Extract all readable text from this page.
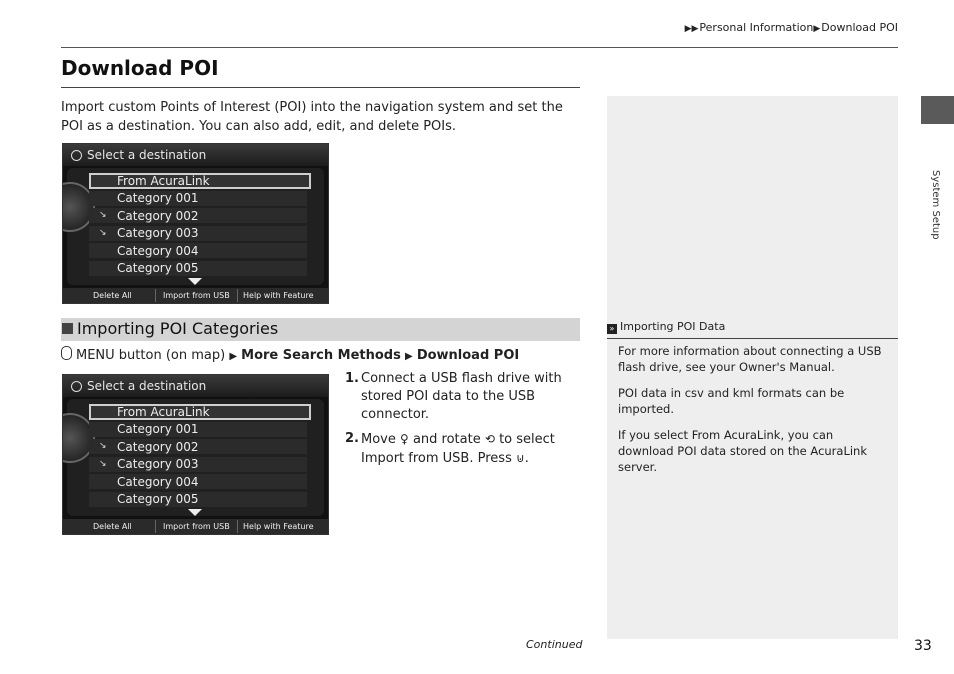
▶▶Personal Information▶Download POI
Download POI
Import custom Points of Interest (POI) into the navigation system and set the POI as a destination. You can also add, edit, and delete POIs.
System Setup
Select a destination
From AcuraLink
Category 001
Category 002
Category 003
Category 004
Category 005
↘
↘
Delete All	Import from USB Help with Feature
Importing POI Categories
MENU button (on map) ▶ More Search Methods ▶ Download POI
Select a destination
From AcuraLink
Category 001
Category 002
Category 003
Category 004
Category 005
↘
↘
Delete All	Import from USB Help with Feature
1. Connect a USB flash drive with stored POI data to the USB connector.
2. Move ♀ and rotate ⟲ to select Import from USB. Press ⊍.
» Importing POI Data

For more information about connecting a USB flash drive, see your Owner's Manual.

POI data in csv and kml formats can be imported.

If you select From AcuraLink, you can download POI data stored on the AcuraLink server.

Continued	33
